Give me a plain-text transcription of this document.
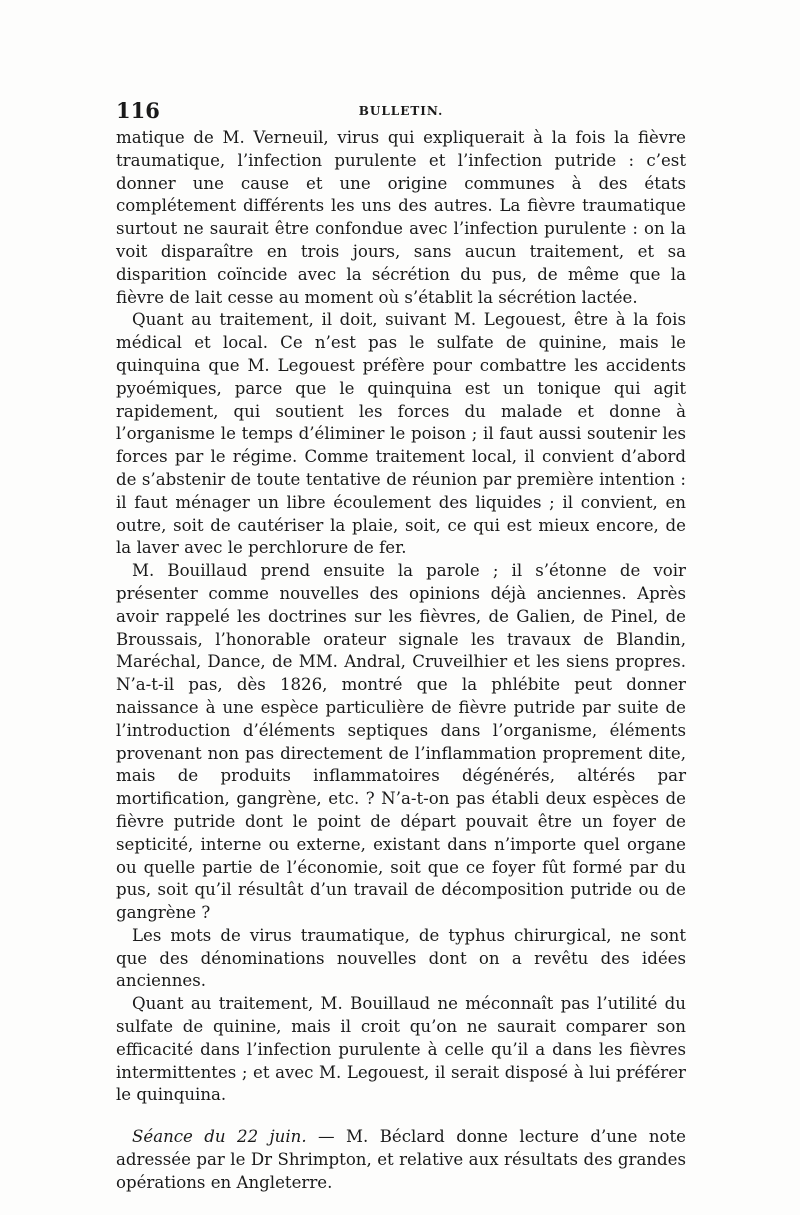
116	BULLETIN.

matique de M. Verneuil, virus qui expliquerait à la fois la fièvre traumatique, l’infection purulente et l’infection putride : c’est donner une cause et une origine communes à des états complétement différents les uns des autres. La fièvre traumatique surtout ne saurait être confondue avec l’infection purulente : on la voit disparaître en trois jours, sans aucun traitement, et sa disparition coïncide avec la sécrétion du pus, de même que la fièvre de lait cesse au moment où s’établit la sécrétion lactée.

Quant au traitement, il doit, suivant M. Legouest, être à la fois médical et local. Ce n’est pas le sulfate de quinine, mais le quinquina que M. Legouest préfère pour combattre les accidents pyoémiques, parce que le quinquina est un tonique qui agit rapidement, qui soutient les forces du malade et donne à l’organisme le temps d’éliminer le poison ; il faut aussi soutenir les forces par le régime. Comme traitement local, il convient d’abord de s’abstenir de toute tentative de réunion par première intention : il faut ménager un libre écoulement des liquides ; il convient, en outre, soit de cautériser la plaie, soit, ce qui est mieux encore, de la laver avec le perchlorure de fer.

M. Bouillaud prend ensuite la parole ; il s’étonne de voir présenter comme nouvelles des opinions déjà anciennes. Après avoir rappelé les doctrines sur les fièvres, de Galien, de Pinel, de Broussais, l’honorable orateur signale les travaux de Blandin, Maréchal, Dance, de MM. Andral, Cruveilhier et les siens propres. N’a-t-il pas, dès 1826, montré que la phlébite peut donner naissance à une espèce particulière de fièvre putride par suite de l’introduction d’éléments septiques dans l’organisme, éléments provenant non pas directement de l’inflammation proprement dite, mais de produits inflammatoires dégénérés, altérés par mortification, gangrène, etc. ? N’a-t-on pas établi deux espèces de fièvre putride dont le point de départ pouvait être un foyer de septicité, interne ou externe, existant dans n’importe quel organe ou quelle partie de l’économie, soit que ce foyer fût formé par du pus, soit qu’il résultât d’un travail de décomposition putride ou de gangrène ?

Les mots de virus traumatique, de typhus chirurgical, ne sont que des dénominations nouvelles dont on a revêtu des idées anciennes.

Quant au traitement, M. Bouillaud ne méconnaît pas l’utilité du sulfate de quinine, mais il croit qu’on ne saurait comparer son efficacité dans l’infection purulente à celle qu’il a dans les fièvres intermittentes ; et avec M. Legouest, il serait disposé à lui préférer le quinquina.

Séance du 22 juin. — M. Béclard donne lecture d’une note adressée par le Dr Shrimpton, et relative aux résultats des grandes opérations en Angleterre.
